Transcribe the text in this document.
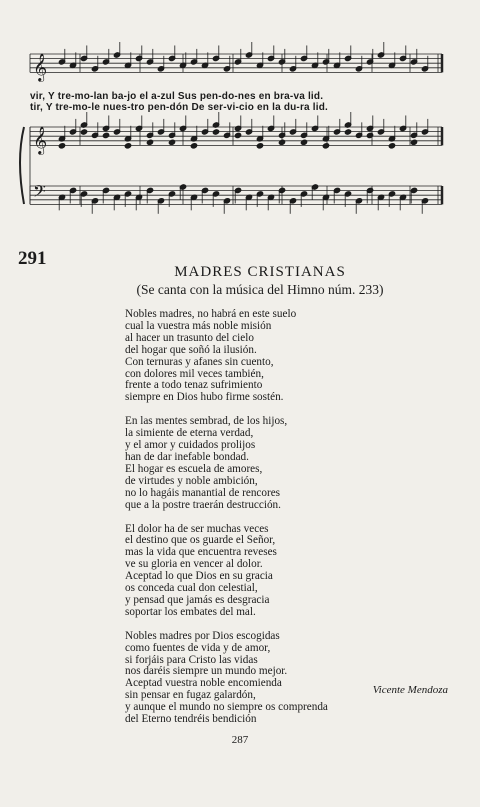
𝄞
𝄞
𝄢
vir, Y tre-mo-lan ba-jo el a-zul Sus pen-do-nes en bra-va lid.
tir, Y tre-mo-le nues-tro pen-dón De ser-vi-cio en la du-ra lid.
291
MADRES CRISTIANAS
(Se canta con la música del Himno núm. 233)
Nobles madres, no habrá en este suelo
cual la vuestra más noble misión
al hacer un trasunto del cielo
del hogar que soñó la ilusión.
Con ternuras y afanes sin cuento,
con dolores mil veces también,
frente a todo tenaz sufrimiento
siempre en Dios hubo firme sostén.
En las mentes sembrad, de los hijos,
la simiente de eterna verdad,
y el amor y cuidados prolijos
han de dar inefable bondad.
El hogar es escuela de amores,
de virtudes y noble ambición,
no lo hagáis manantial de rencores
que a la postre traerán destrucción.
El dolor ha de ser muchas veces
el destino que os guarde el Señor,
mas la vida que encuentra reveses
ve su gloria en vencer al dolor.
Aceptad lo que Dios en su gracia
os conceda cual don celestial,
y pensad que jamás es desgracia
soportar los embates del mal.
Nobles madres por Dios escogidas
como fuentes de vida y de amor,
si forjáis para Cristo las vidas
nos daréis siempre un mundo mejor.
Aceptad vuestra noble encomienda
sin pensar en fugaz galardón,
y aunque el mundo no siempre os comprenda
del Eterno tendréis bendición
Vicente Mendoza
287
